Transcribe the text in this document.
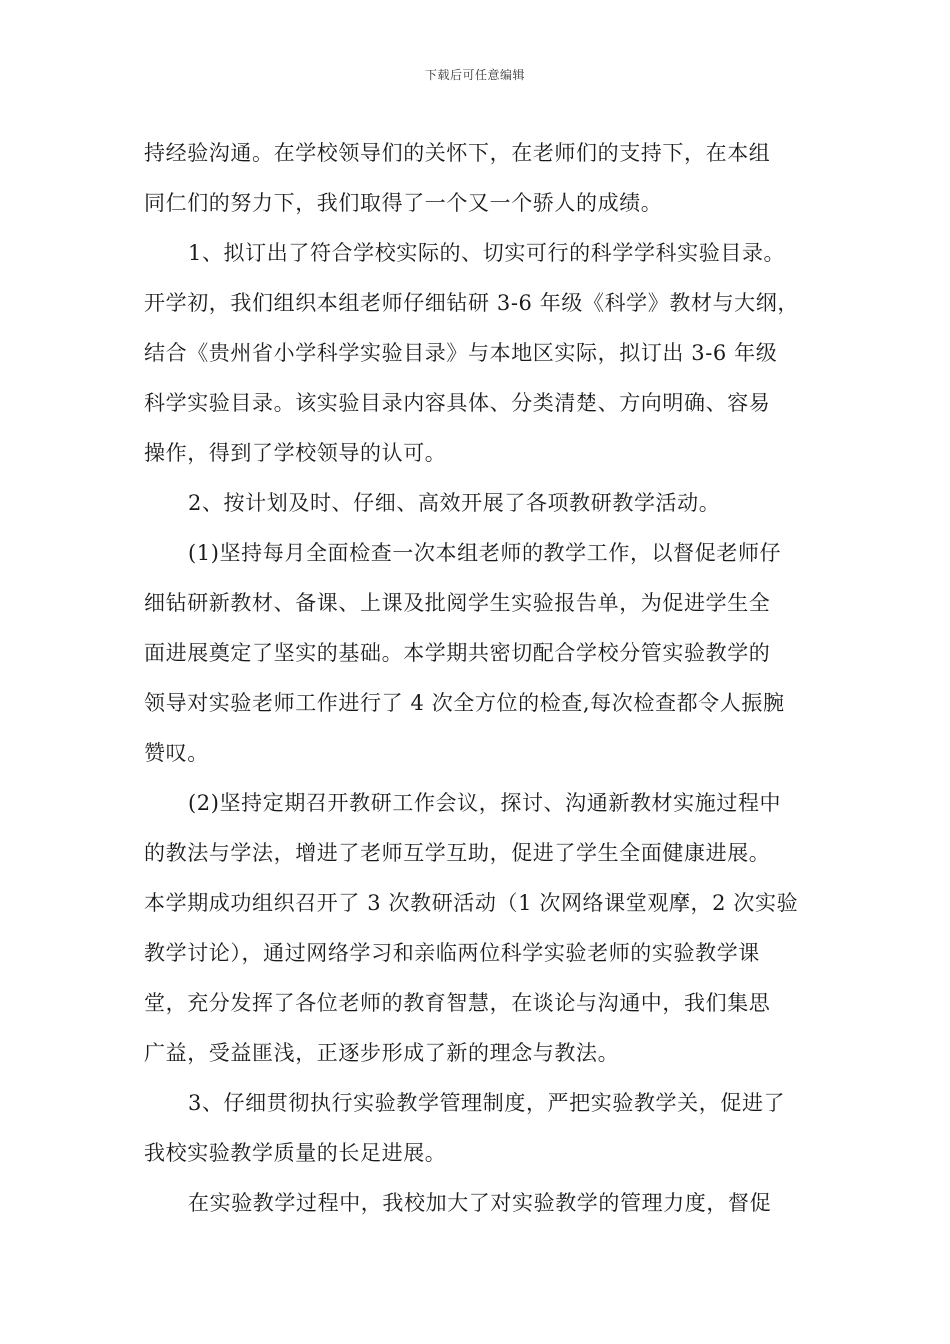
下载后可任意编辑
持经验沟通。在学校领导们的关怀下，在老师们的支持下，在本组
同仁们的努力下，我们取得了一个又一个骄人的成绩。
1、拟订出了符合学校实际的、切实可行的科学学科实验目录。
开学初，我们组织本组老师仔细钻研 3-6 年级《科学》教材与大纲，
结合《贵州省小学科学实验目录》与本地区实际，拟订出 3-6 年级
科学实验目录。该实验目录内容具体、分类清楚、方向明确、容易
操作，得到了学校领导的认可。
2、按计划及时、仔细、高效开展了各项教研教学活动。
(1)坚持每月全面检查一次本组老师的教学工作，以督促老师仔
细钻研新教材、备课、上课及批阅学生实验报告单，为促进学生全
面进展奠定了坚实的基础。本学期共密切配合学校分管实验教学的
领导对实验老师工作进行了 4 次全方位的检查,每次检查都令人振腕
赞叹。
(2)坚持定期召开教研工作会议，探讨、沟通新教材实施过程中
的教法与学法，增进了老师互学互助，促进了学生全面健康进展。
本学期成功组织召开了 3 次教研活动（1 次网络课堂观摩，2 次实验
教学讨论），通过网络学习和亲临两位科学实验老师的实验教学课
堂，充分发挥了各位老师的教育智慧，在谈论与沟通中，我们集思
广益，受益匪浅，正逐步形成了新的理念与教法。
3、仔细贯彻执行实验教学管理制度，严把实验教学关，促进了
我校实验教学质量的长足进展。
在实验教学过程中，我校加大了对实验教学的管理力度，督促
